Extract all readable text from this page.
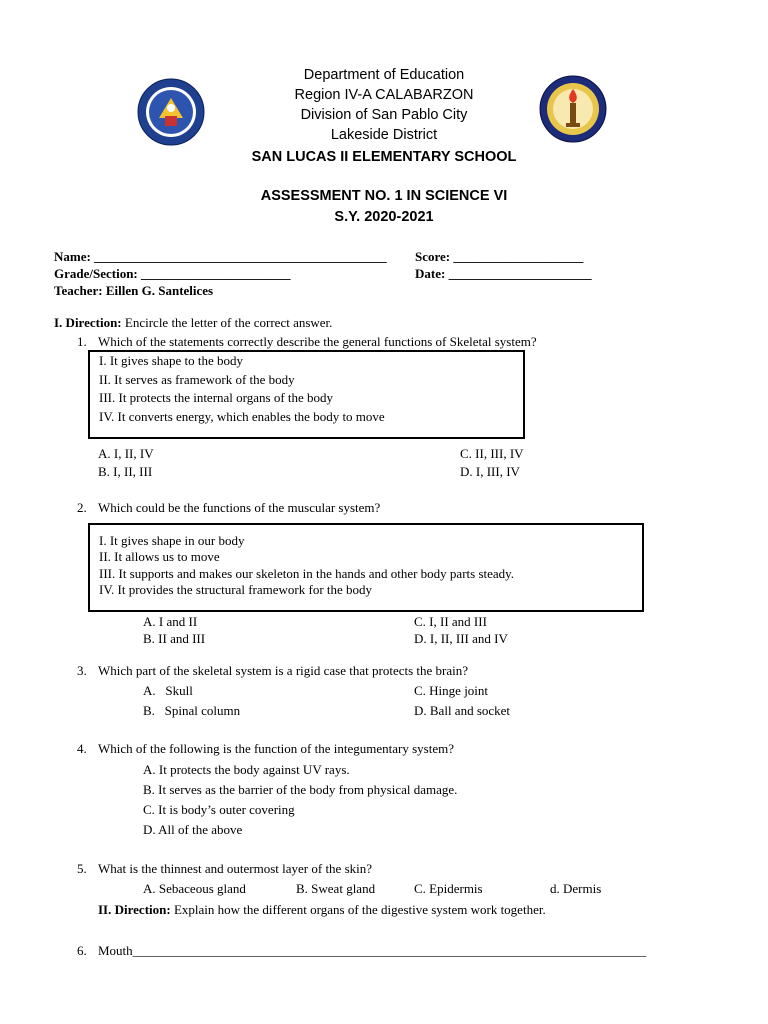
Department of Education
Region IV-A CALABARZON
Division of San Pablo City
Lakeside District
SAN LUCAS II ELEMENTARY SCHOOL
ASSESSMENT NO. 1 IN SCIENCE VI
S.Y. 2020-2021
Name: _____________________________________________ Score: ____________________
Grade/Section: _______________________	Date: ______________________
Teacher: Eillen G. Santelices
I. Direction: Encircle the letter of the correct answer.
1. Which of the statements correctly describe the general functions of Skeletal system?
I. It gives shape to the body
II. It serves as framework of the body
III. It protects the internal organs of the body
IV. It converts energy, which enables the body to move
A. I, II, IV
B. I, II, III
C. II, III, IV
D. I, III, IV
2. Which could be the functions of the muscular system?
I. It gives shape in our body
II. It allows us to move
III. It supports and makes our skeleton in the hands and other body parts steady.
IV. It provides the structural framework for the body
A. I and II
B. II and III
C. I, II and III
D. I, II, III and IV
3. Which part of the skeletal system is a rigid case that protects the brain?
A.   Skull
B.   Spinal column
C. Hinge joint
D. Ball and socket
4. Which of the following is the function of the integumentary system?
A. It protects the body against UV rays.
B. It serves as the barrier of the body from physical damage.
C. It is body’s outer covering
D. All of the above
5. What is the thinnest and outermost layer of the skin?
A. Sebaceous gland	B. Sweat gland	C. Epidermis	d. Dermis
II. Direction: Explain how the different organs of the digestive system work together.
6. Mouth_______________________________________________________________________________
